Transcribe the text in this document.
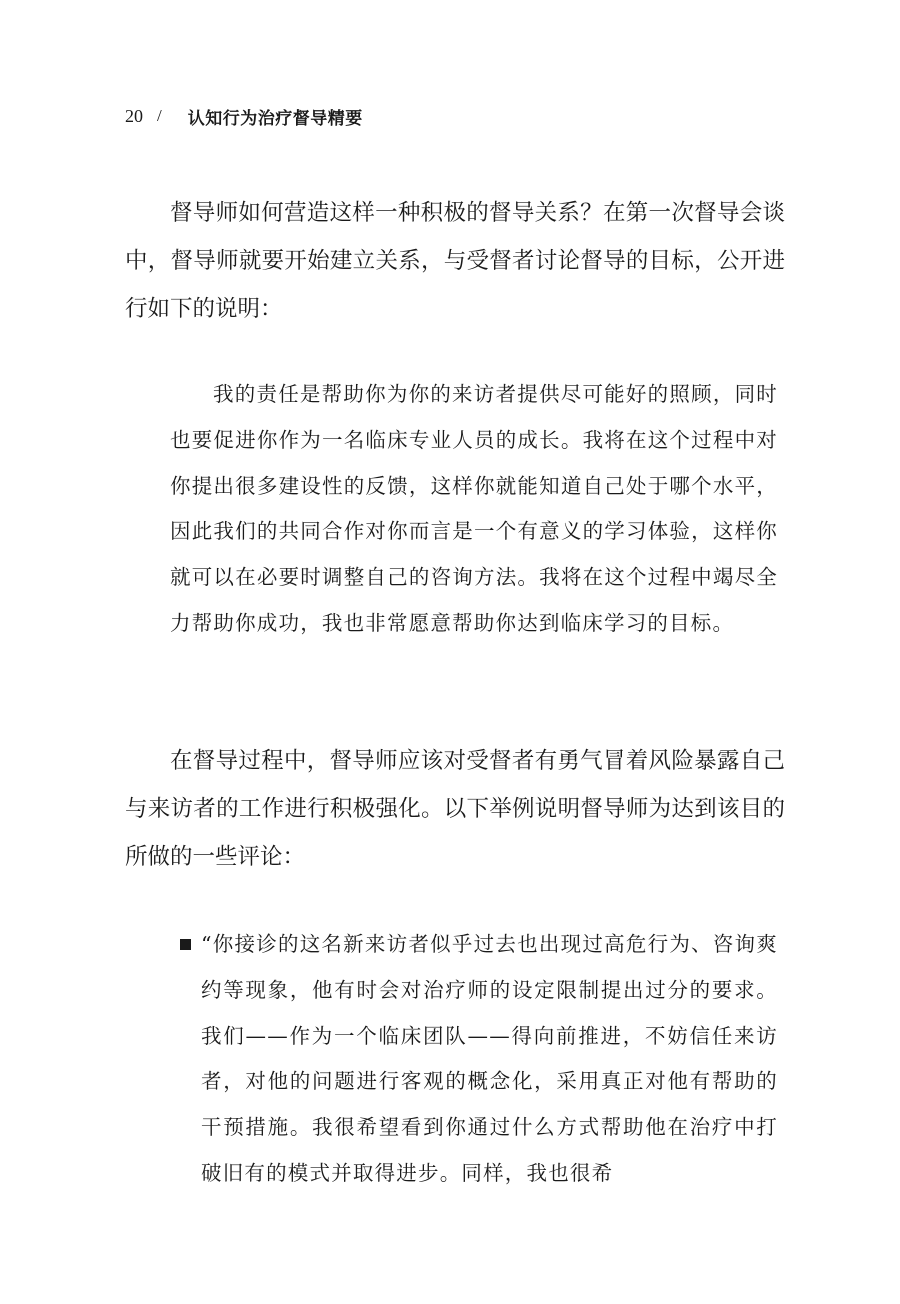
20 / 认知行为治疗督导精要

督导师如何营造这样一种积极的督导关系？在第一次督导会谈中，督导师就要开始建立关系，与受督者讨论督导的目标，公开进行如下的说明：

我的责任是帮助你为你的来访者提供尽可能好的照顾，同时也要促进你作为一名临床专业人员的成长。我将在这个过程中对你提出很多建设性的反馈，这样你就能知道自己处于哪个水平，因此我们的共同合作对你而言是一个有意义的学习体验，这样你就可以在必要时调整自己的咨询方法。我将在这个过程中竭尽全力帮助你成功，我也非常愿意帮助你达到临床学习的目标。

在督导过程中，督导师应该对受督者有勇气冒着风险暴露自己与来访者的工作进行积极强化。以下举例说明督导师为达到该目的所做的一些评论：

“你接诊的这名新来访者似乎过去也出现过高危行为、咨询爽约等现象，他有时会对治疗师的设定限制提出过分的要求。我们——作为一个临床团队——得向前推进，不妨信任来访者，对他的问题进行客观的概念化，采用真正对他有帮助的干预措施。我很希望看到你通过什么方式帮助他在治疗中打破旧有的模式并取得进步。同样，我也很希
